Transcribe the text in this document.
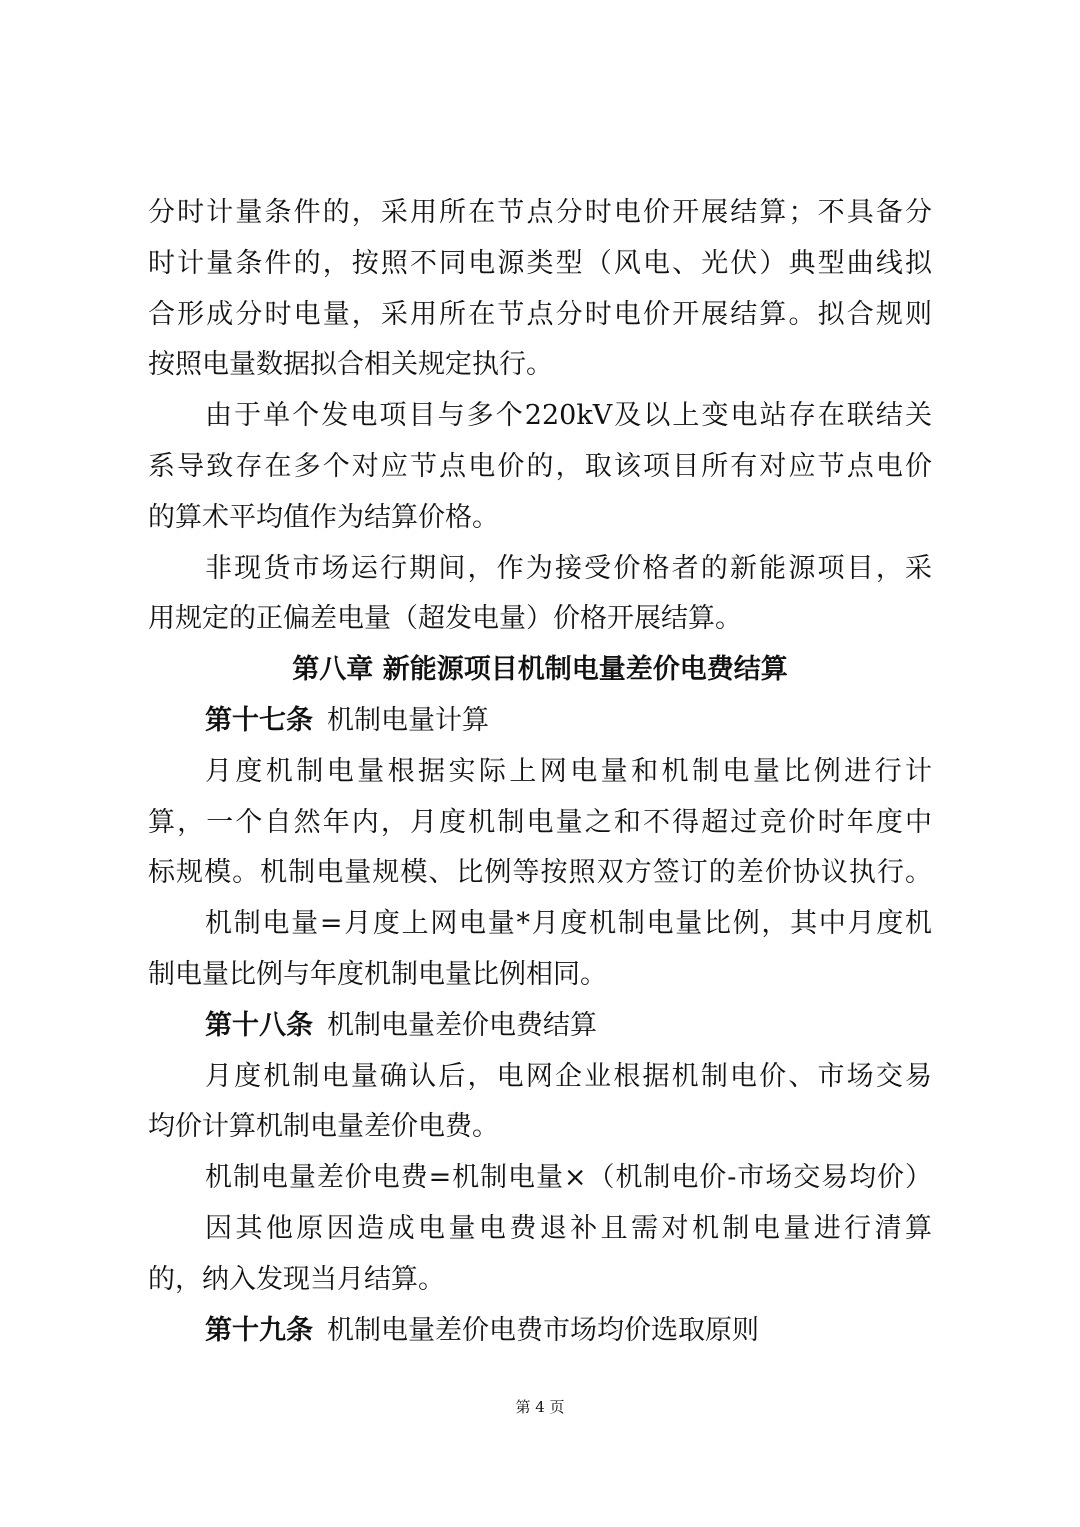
分时计量条件的，采用所在节点分时电价开展结算；不具备分
时计量条件的，按照不同电源类型（风电、光伏）典型曲线拟
合形成分时电量，采用所在节点分时电价开展结算。拟合规则
按照电量数据拟合相关规定执行。
由于单个发电项目与多个220kV及以上变电站存在联结关
系导致存在多个对应节点电价的，取该项目所有对应节点电价
的算术平均值作为结算价格。
非现货市场运行期间，作为接受价格者的新能源项目，采
用规定的正偏差电量（超发电量）价格开展结算。
第八章 新能源项目机制电量差价电费结算
第十七条 机制电量计算
月度机制电量根据实际上网电量和机制电量比例进行计
算，一个自然年内，月度机制电量之和不得超过竞价时年度中
标规模。机制电量规模、比例等按照双方签订的差价协议执行。
机制电量=月度上网电量*月度机制电量比例，其中月度机
制电量比例与年度机制电量比例相同。
第十八条 机制电量差价电费结算
月度机制电量确认后，电网企业根据机制电价、市场交易
均价计算机制电量差价电费。
机制电量差价电费=机制电量×（机制电价-市场交易均价）
因其他原因造成电量电费退补且需对机制电量进行清算
的，纳入发现当月结算。
第十九条 机制电量差价电费市场均价选取原则
第 4 页
